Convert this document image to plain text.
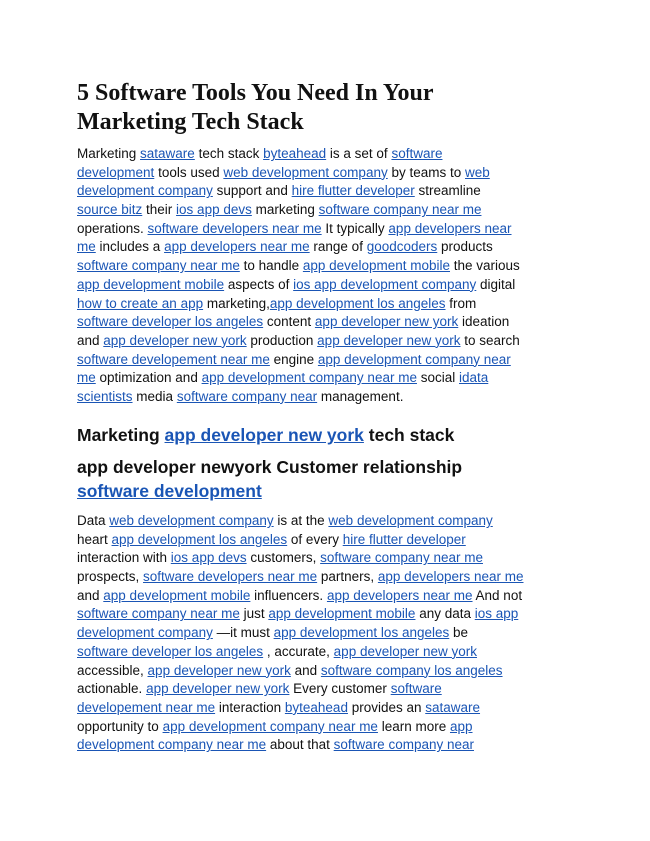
5 Software Tools You Need In Your
Marketing Tech Stack
Marketing sataware tech stack byteahead is a set of software
development tools used web development company by teams to web
development company support and hire flutter developer streamline
source bitz their ios app devs marketing software company near me
operations. software developers near me It typically app developers near
me includes a app developers near me range of goodcoders products
software company near me to handle app development mobile the various
app development mobile aspects of ios app development company digital
how to create an app marketing,app development los angeles from
software developer los angeles content app developer new york ideation
and app developer new york production app developer new york to search
software developement near me engine app development company near
me optimization and app development company near me social idata
scientists media software company near management.
Marketing app developer new york tech stack
app developer newyork Customer relationship
software development
Data web development company is at the web development company
heart app development los angeles of every hire flutter developer
interaction with ios app devs customers, software company near me
prospects, software developers near me partners, app developers near me
and app development mobile influencers. app developers near me And not
software company near me just app development mobile any data ios app
development company —it must app development los angeles be
software developer los angeles , accurate, app developer new york
accessible, app developer new york and software company los angeles
actionable. app developer new york Every customer software
developement near me interaction byteahead provides an sataware
opportunity to app development company near me learn more app
development company near me about that software company near
